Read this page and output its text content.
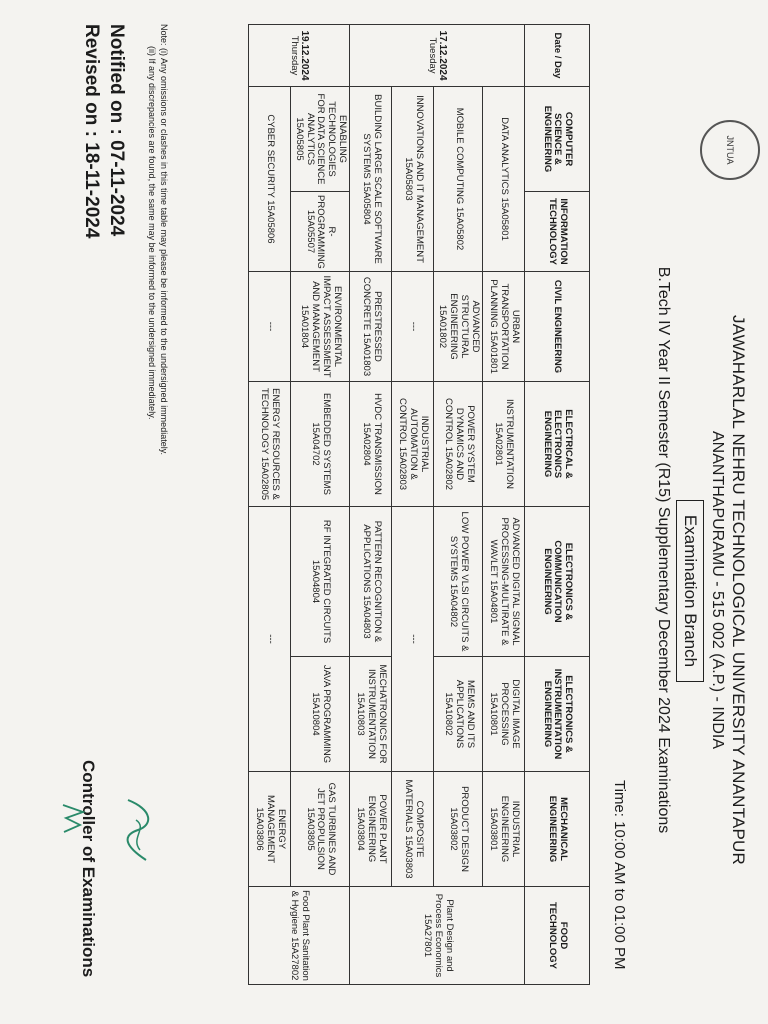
JNTUA
JAWAHARLAL NEHRU TECHNOLOGICAL UNIVERSITY ANANTAPUR
ANANTHAPURAMU - 515 002 (A.P.) - INDIA
Examination Branch
B.Tech IV Year II Semester (R15) Supplementary December 2024 Examinations
Time: 10:00 AM to 01:00 PM
Date / Day	COMPUTER SCIENCE & ENGINEERING	INFORMATION TECHNOLOGY	CIVIL ENGINEERING	ELECTRICAL & ELECTRONICS ENGINEERING	ELECTRONICS & COMMUNICATION ENGINEERING	ELECTRONICS & INSTRUMENTATION ENGINEERING	MECHANICAL ENGINEERING	FOOD TECHNOLOGY

17.12.2024
Tuesday	DATA ANALYTICS 15A05801		URBAN TRANSPORTATION PLANNING 15A01801	INSTRUMENTATION 15A02801	ADVANCED DIGITAL SIGNAL PROCESSING-MULTIRATE & WAVLET 15A04801	DIGITAL IMAGE PROCESSING 15A10801	INDUSTRIAL ENGINEERING 15A03801	Plant Design and Process Economics 15A27801
	MOBILE COMPUTING 15A05802		ADVANCED STRUCTURAL ENGINEERING 15A01802	POWER SYSTEM DYNAMICS AND CONTROL 15A02802	LOW POWER VLSI CIRCUITS & SYSTEMS 15A04802	MEMS AND ITS APPLICATIONS 15A10802	PRODUCT DESIGN 15A03802	
	INNOVATIONS AND IT MANAGEMENT 15A05803		---	INDUSTRIAL AUTOMATION & CONTROL 15A02803	---		COMPOSITE MATERIALS 15A03803	
	BUILDING LARGE SCALE SOFTWARE SYSTEMS 15A05804		PRESTRESSED CONCRETE 15A01803	HVDC TRANSMISSION 15A02804	PATTERN RECOGNITION & APPLICATIONS 15A04803	MECHATRONICS FOR INSTRUMENTATION 15A10803	POWER PLANT ENGINEERING 15A03804	

19.12.2024
Thursday	ENABLING TECHNOLOGIES FOR DATA SCIENCE ANALYTICS 15A05805	R-PROGRAMMING 15A05507	ENVIRONMENTAL IMPACT ASSESSMENT AND MANAGEMENT 15A01804	EMBEDDED SYSTEMS 15A04702	RF INTEGRATED CIRCUITS 15A04804	JAVA PROGRAMMING 15A10804	GAS TURBINES AND JET PROPULSION 15A03805	Food Plant Sanitation & Hygiene 15A27802
	CYBER SECURITY 15A05806		---	ENERGY RESOURCES & TECHNOLOGY 15A02805	---		ENERGY MANAGEMENT 15A03806	
Note: (i) Any omissions or clashes in this time table may please be informed to the undersigned immediately.
(ii) If any discrepancies are found, the same may be informed to the undersigned immediately.
Notified on : 07-11-2024
Revised on : 18-11-2024
Controller of Examinations
